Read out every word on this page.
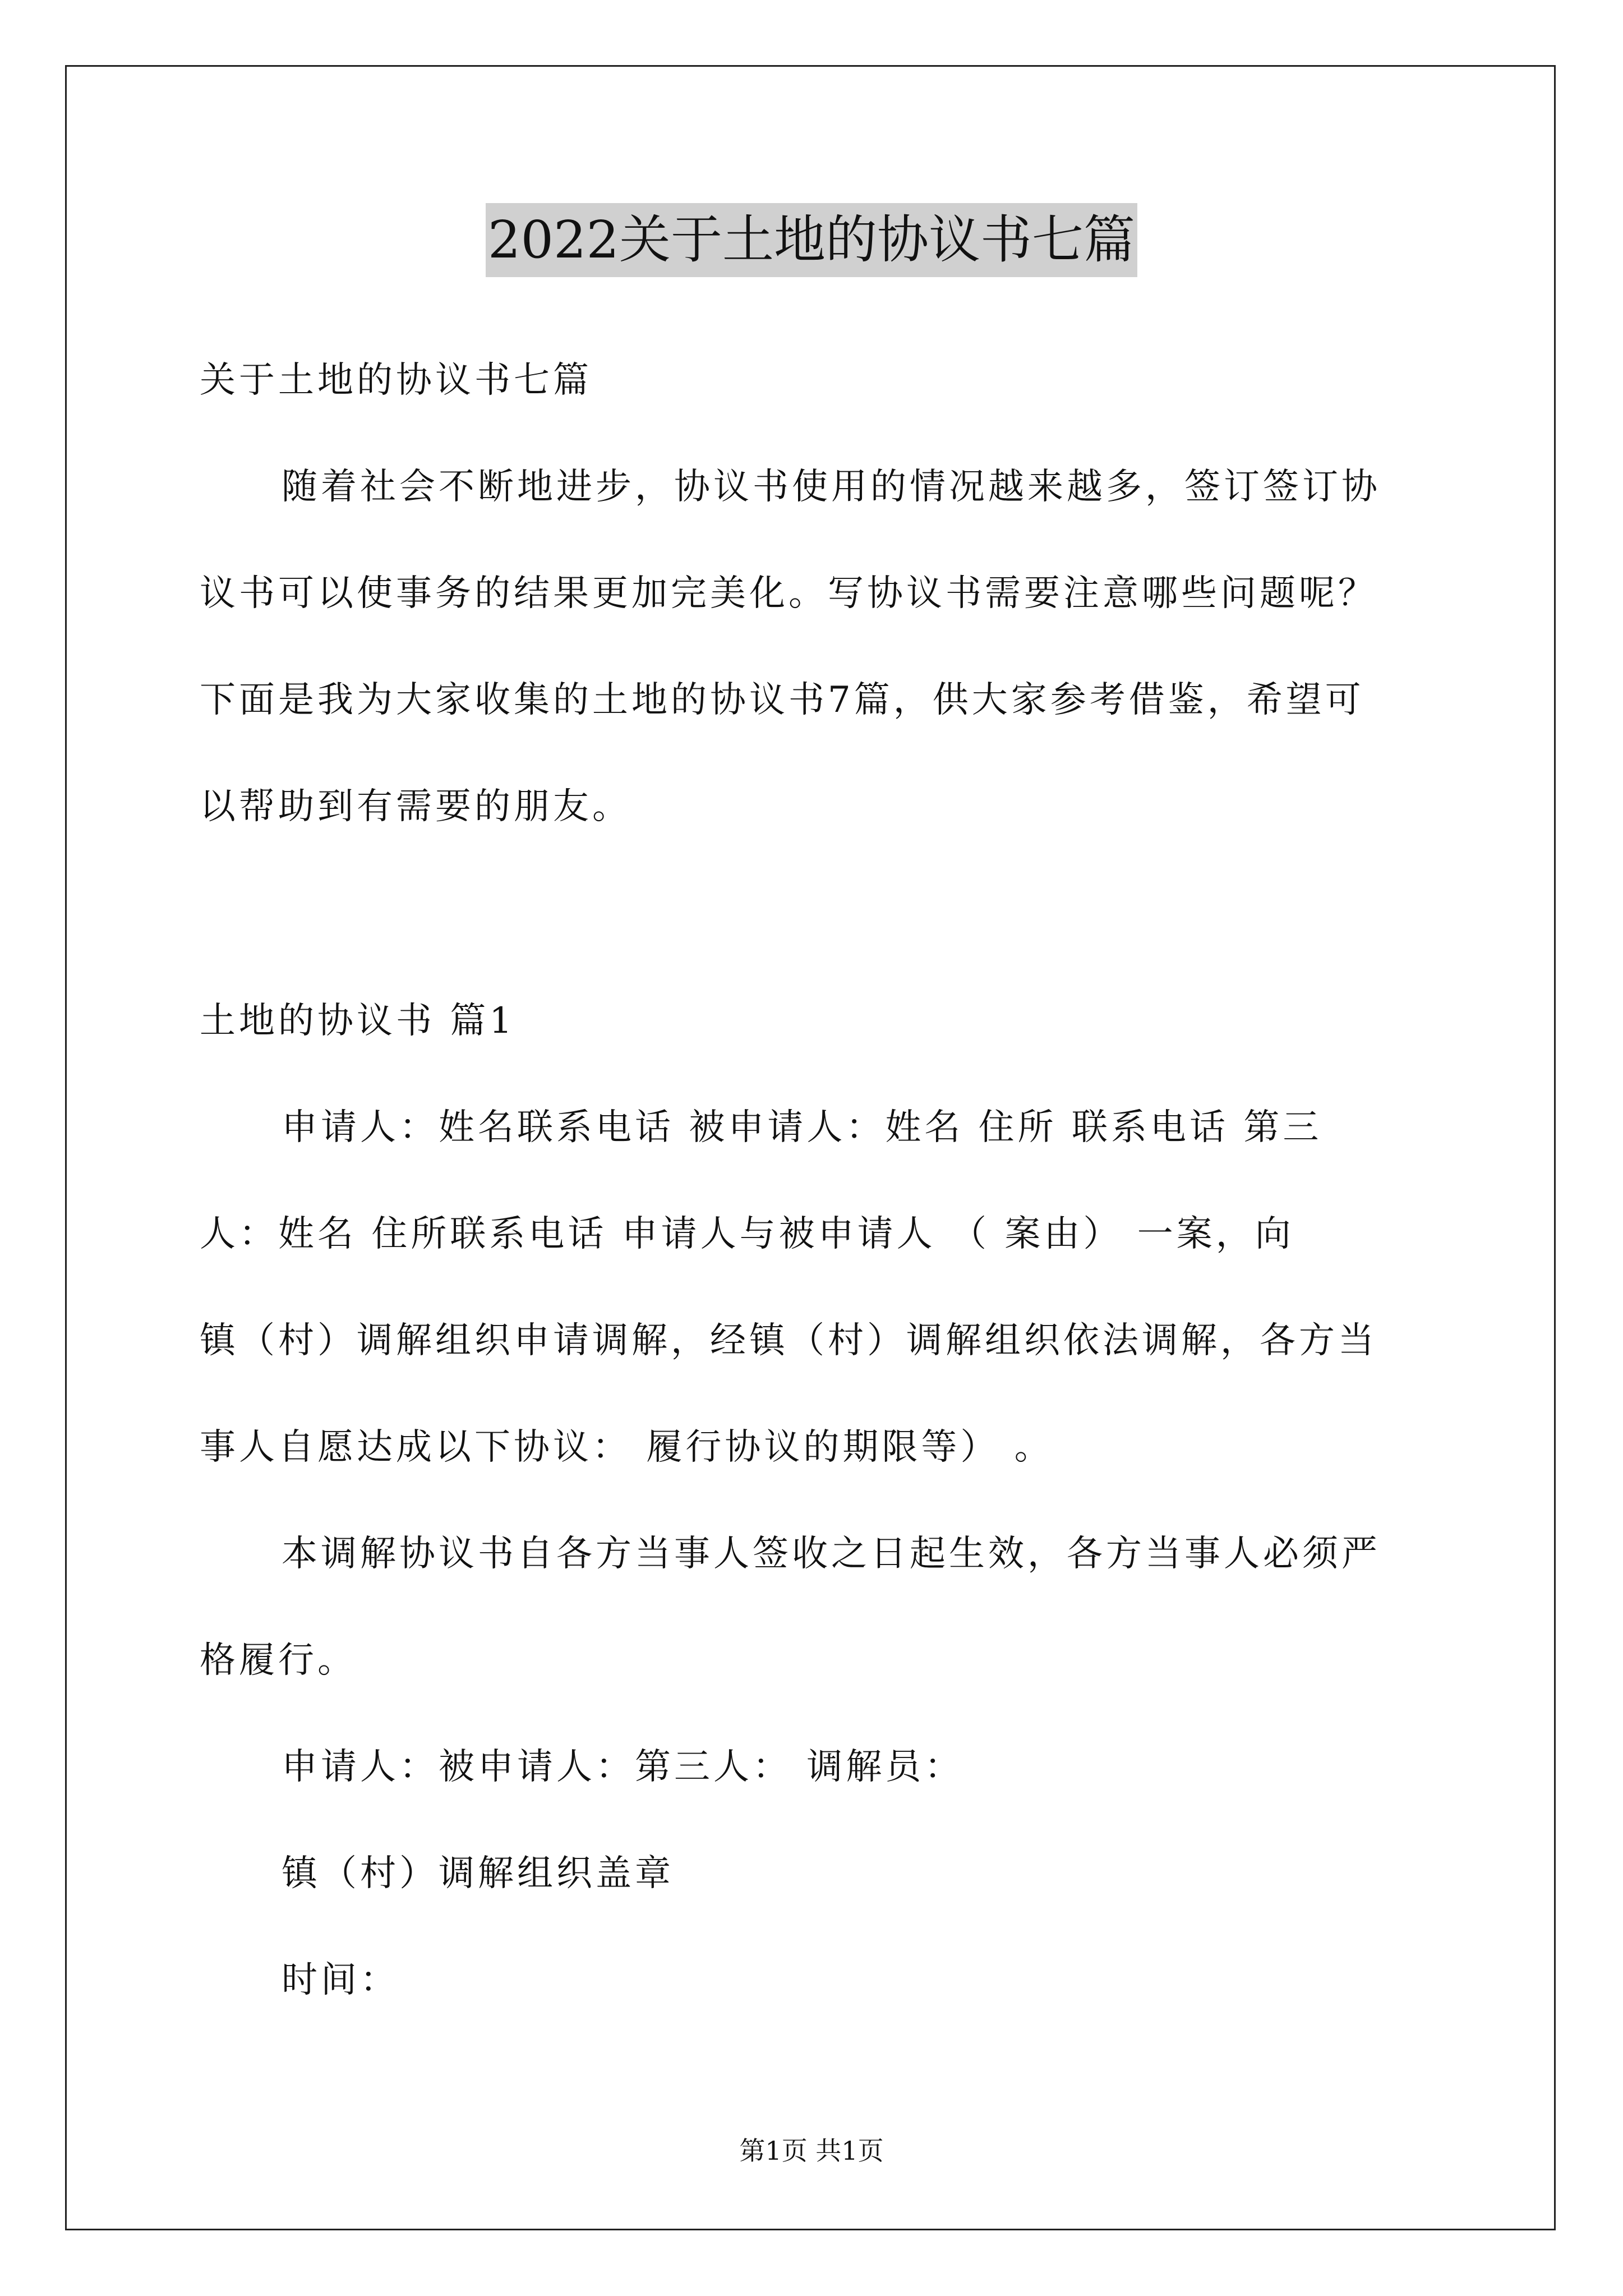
2022关于土地的协议书七篇
关于土地的协议书七篇
随着社会不断地进步，协议书使用的情况越来越多，签订签订协
议书可以使事务的结果更加完美化。写协议书需要注意哪些问题呢？
下面是我为大家收集的土地的协议书7篇，供大家参考借鉴，希望可
以帮助到有需要的朋友。
土地的协议书 篇1
申请人：姓名联系电话 被申请人：姓名 住所 联系电话 第三
人：姓名 住所联系电话 申请人与被申请人 （ 案由） 一案，向
镇（村）调解组织申请调解，经镇（村）调解组织依法调解，各方当
事人自愿达成以下协议： 履行协议的期限等） 。
本调解协议书自各方当事人签收之日起生效，各方当事人必须严
格履行。
申请人：被申请人：第三人： 调解员：
镇（村）调解组织盖章
时间：
第1页 共1页
